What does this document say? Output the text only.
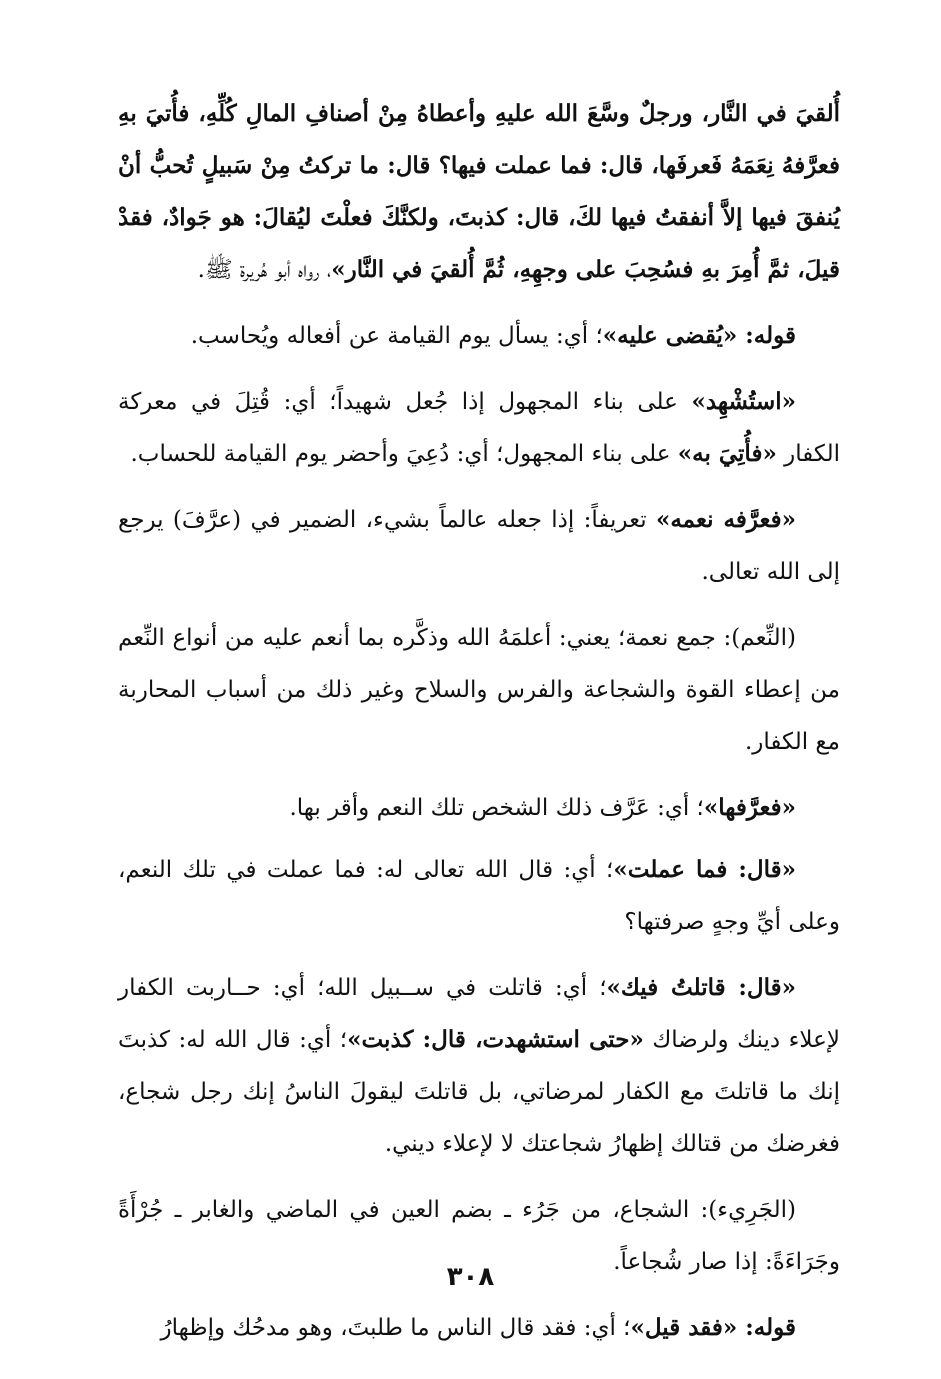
أُلقيَ في النَّار، ورجلٌ وسَّعَ الله عليهِ وأعطاهُ مِنْ أصنافِ المالِ كُلِّهِ، فأُتيَ بهِ فعرَّفهُ نِعَمَهُ فَعرفَها، قال: فما عملت فيها؟ قال: ما تركتُ مِنْ سَبيلٍ تُحبُّ أنْ يُنفقَ فيها إلاَّ أنفقتُ فيها لكَ، قال: كذبتَ، ولكنَّكَ فعلْتَ ليُقالَ: هو جَوادٌ، فقدْ قيلَ، ثمَّ أُمِرَ بهِ فسُحِبَ على وجهِهِ، ثُمَّ أُلقيَ في النَّار»، رواه أبو هُريرة ﷺ.

قوله: «يُقضى عليه»؛ أي: يسأل يوم القيامة عن أفعاله ويُحاسب.

«استُشْهِد» على بناء المجهول إذا جُعل شهيداً؛ أي: قُتِلَ في معركة الكفار «فأُتِيَ به» على بناء المجهول؛ أي: دُعِيَ وأحضر يوم القيامة للحساب.

«فعرَّفه نعمه» تعريفاً: إذا جعله عالماً بشيء، الضمير في (عرَّفَ) يرجع إلى الله تعالى.

(النِّعم): جمع نعمة؛ يعني: أعلمَهُ الله وذكَّره بما أنعم عليه من أنواع النِّعم من إعطاء القوة والشجاعة والفرس والسلاح وغير ذلك من أسباب المحاربة مع الكفار.

«فعرَّفها»؛ أي: عَرَّف ذلك الشخص تلك النعم وأقر بها.

«قال: فما عملت»؛ أي: قال الله تعالى له: فما عملت في تلك النعم، وعلى أيِّ وجهٍ صرفتها؟

«قال: قاتلتُ فيك»؛ أي: قاتلت في ســبيل الله؛ أي: حــاربت الكفار لإعلاء دينك ولرضاك «حتى استشهدت، قال: كذبت»؛ أي: قال الله له: كذبتَ إنك ما قاتلتَ مع الكفار لمرضاتي، بل قاتلتَ ليقولَ الناسُ إنك رجل شجاع، فغرضك من قتالك إظهارُ شجاعتك لا لإعلاء ديني.

(الجَرِيء): الشجاع، من جَرُء ـ بضم العين في الماضي والغابر ـ جُرْأَةً وجَرَاءَةً: إذا صار شُجاعاً.

قوله: «فقد قيل»؛ أي: فقد قال الناس ما طلبتَ، وهو مدحُك وإظهارُ

٣٠٨
